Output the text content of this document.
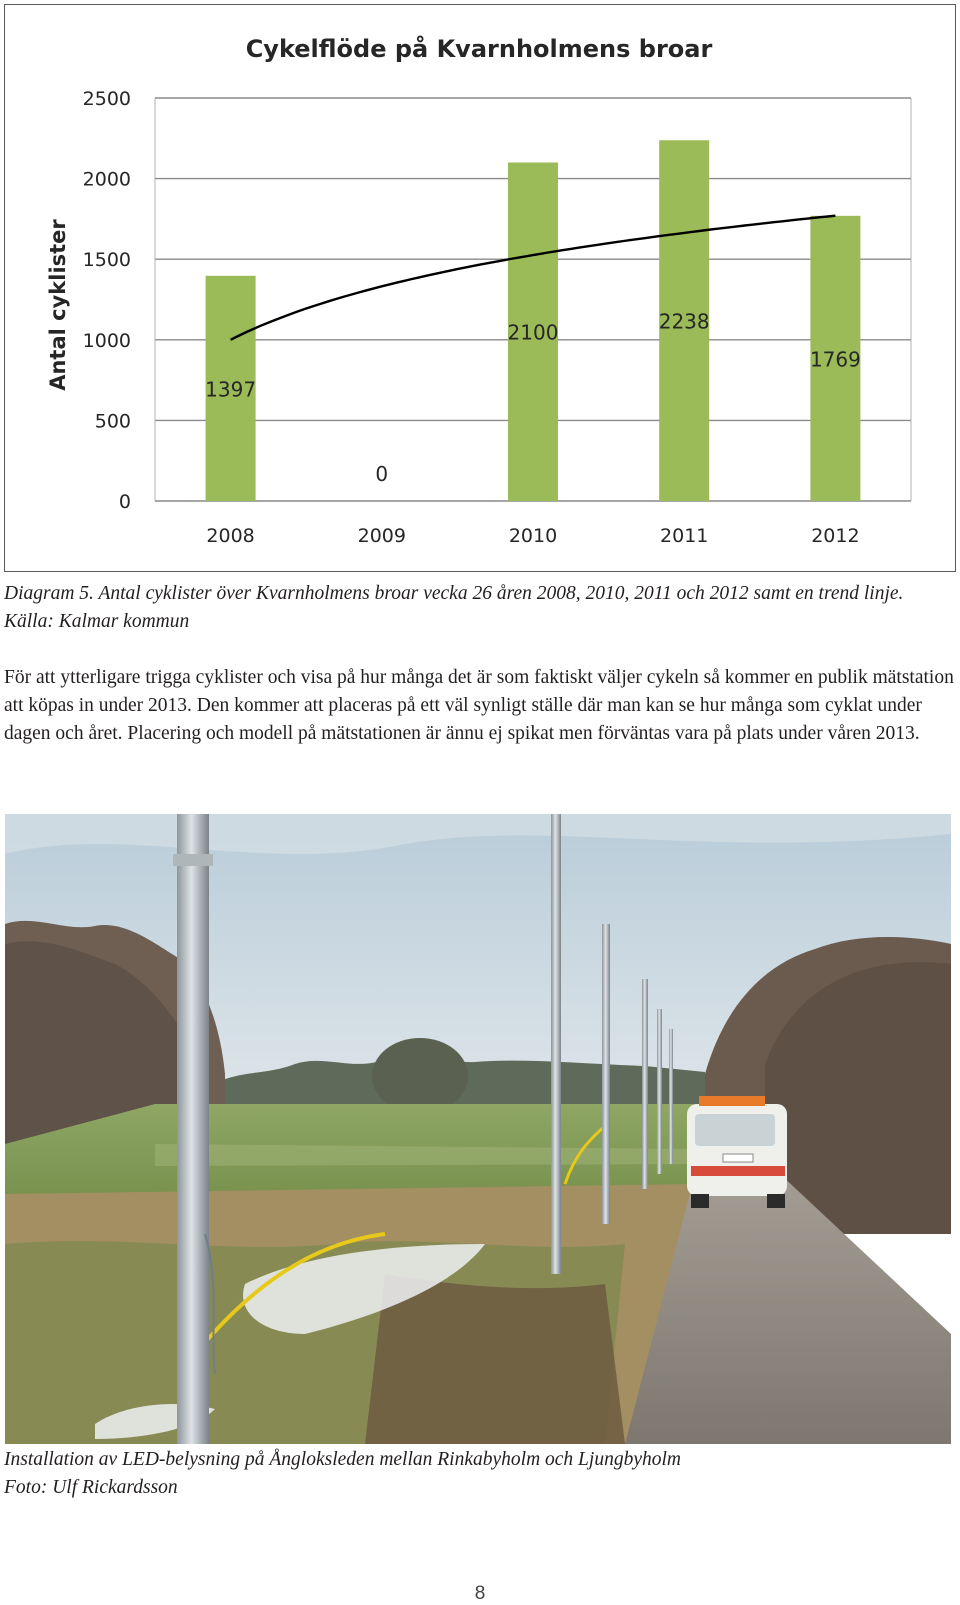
Cykelflöde på Kvarnholmens broar
1397
0
2100	2238
1769
0
500
1000
1500
2000
2500
2008	2009	2010	2011	2012
Antal cyklister

Diagram 5. Antal cyklister över Kvarnholmens broar vecka 26 åren 2008, 2010, 2011 och 2012 samt en trend linje. Källa: Kalmar kommun

För att ytterligare trigga cyklister och visa på hur många det är som faktiskt väljer cykeln så kommer en publik mätstation att köpas in under 2013. Den kommer att placeras på ett väl synligt ställe där man kan se hur många som cyklat under dagen och året. Placering och modell på mätstationen är ännu ej spikat men förväntas vara på plats under våren 2013.

Installation av LED-belysning på Ångloksleden mellan Rinkabyholm och Ljungbyholm

Foto: Ulf Rickardsson

8
